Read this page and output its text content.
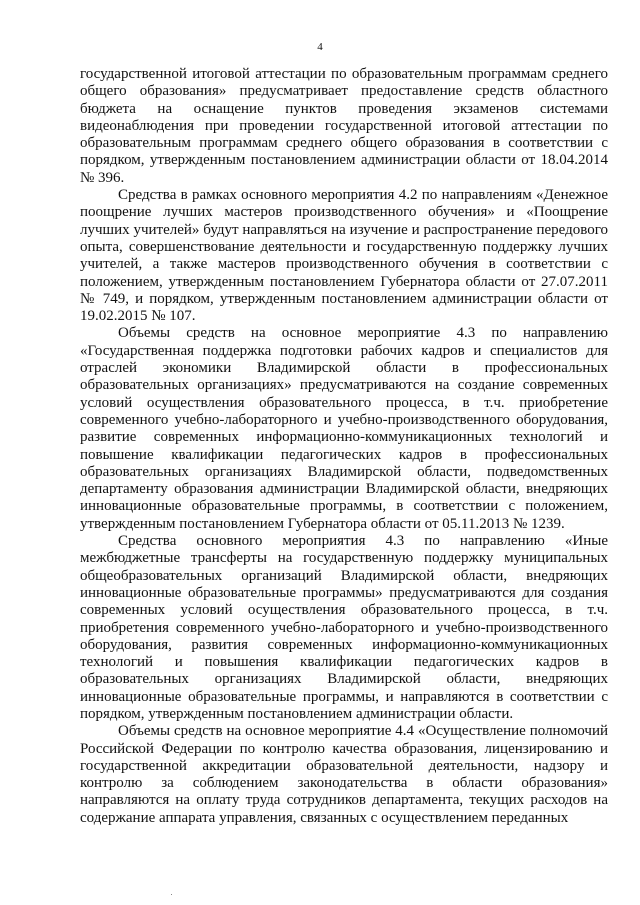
4

государственной итоговой аттестации по образовательным программам среднего общего образования» предусматривает предоставление средств областного бюджета на оснащение пунктов проведения экзаменов системами видеонаблюдения при проведении государственной итоговой аттестации по образовательным программам среднего общего образования в соответствии с порядком, утвержденным постановлением администрации области от 18.04.2014 № 396.

Средства в рамках основного мероприятия 4.2 по направлениям «Денежное поощрение лучших мастеров производственного обучения» и «Поощрение лучших учителей» будут направляться на изучение и распространение передового опыта, совершенствование деятельности и государственную поддержку лучших учителей, а также мастеров производственного обучения в соответствии с положением, утвержденным постановлением Губернатора области от 27.07.2011 № 749, и порядком, утвержденным постановлением администрации области от 19.02.2015 № 107.

Объемы средств на основное мероприятие 4.3 по направлению «Государственная поддержка подготовки рабочих кадров и специалистов для отраслей экономики Владимирской области в профессиональных образовательных организациях» предусматриваются на создание современных условий осуществления образовательного процесса, в т.ч. приобретение современного учебно-лабораторного и учебно-производственного оборудования, развитие современных информационно-коммуникационных технологий и повышение квалификации педагогических кадров в профессиональных образовательных организациях Владимирской области, подведомственных департаменту образования администрации Владимирской области, внедряющих инновационные образовательные программы, в соответствии с положением, утвержденным постановлением Губернатора области от 05.11.2013 № 1239.

Средства основного мероприятия 4.3 по направлению «Иные межбюджетные трансферты на государственную поддержку муниципальных общеобразовательных организаций Владимирской области, внедряющих инновационные образовательные программы» предусматриваются для создания современных условий осуществления образовательного процесса, в т.ч. приобретения современного учебно-лабораторного и учебно-производственного оборудования, развития современных информационно-коммуникационных технологий и повышения квалификации педагогических кадров в образовательных организациях Владимирской области, внедряющих инновационные образовательные программы, и направляются в соответствии с порядком, утвержденным постановлением администрации области.

Объемы средств на основное мероприятие 4.4 «Осуществление полномочий Российской Федерации по контролю качества образования, лицензированию и государственной аккредитации образовательной деятельности, надзору и контролю за соблюдением законодательства в области образования» направляются на оплату труда сотрудников департамента, текущих расходов на содержание аппарата управления, связанных с осуществлением переданных
